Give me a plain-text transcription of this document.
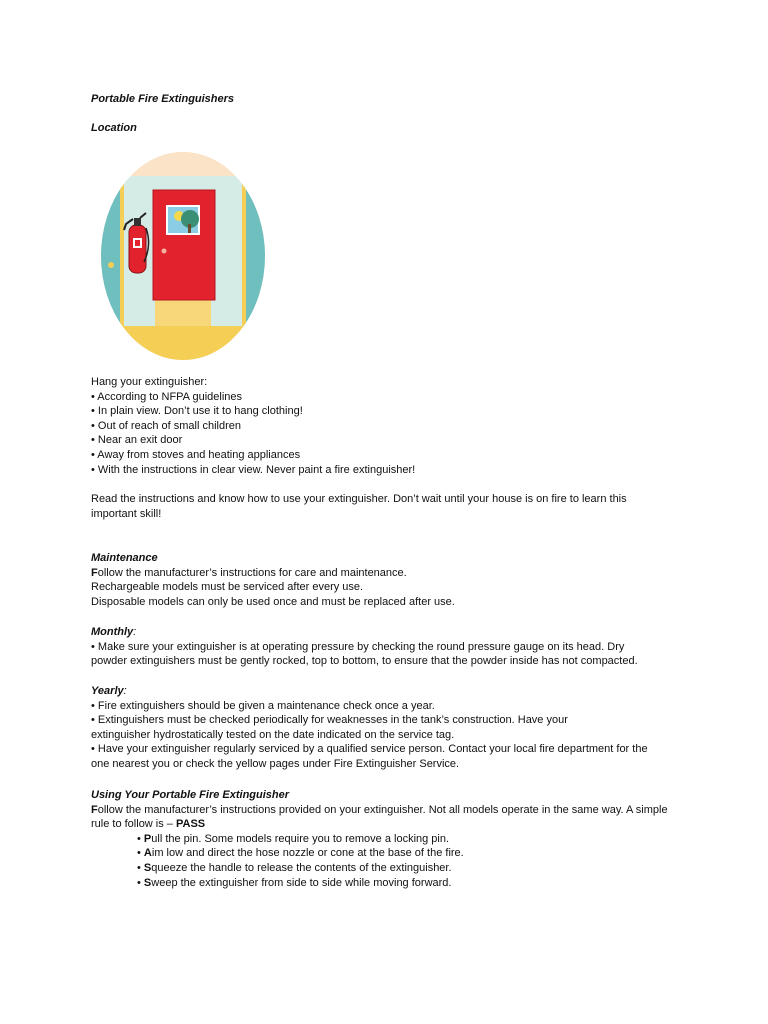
Portable Fire Extinguishers
Location
Hang your extinguisher:
• According to NFPA guidelines
• In plain view. Don’t use it to hang clothing!
• Out of reach of small children
• Near an exit door
• Away from stoves and heating appliances
• With the instructions in clear view. Never paint a fire extinguisher!
Read the instructions and know how to use your extinguisher. Don’t wait until your house is on fire to learn this important skill!
Maintenance
Follow the manufacturer’s instructions for care and maintenance.
Rechargeable models must be serviced after every use.
Disposable models can only be used once and must be replaced after use.
Monthly:
• Make sure your extinguisher is at operating pressure by checking the round pressure gauge on its head. Dry powder extinguishers must be gently rocked, top to bottom, to ensure that the powder inside has not compacted.
Yearly:
• Fire extinguishers should be given a maintenance check once a year.
• Extinguishers must be checked periodically for weaknesses in the tank’s construction. Have your extinguisher hydrostatically tested on the date indicated on the service tag.
• Have your extinguisher regularly serviced by a qualified service person. Contact your local fire department for the one nearest you or check the yellow pages under Fire Extinguisher Service.
Using Your Portable Fire Extinguisher
Follow the manufacturer’s instructions provided on your extinguisher. Not all models operate in the same way. A simple rule to follow is – PASS
• Pull the pin. Some models require you to remove a locking pin.
• Aim low and direct the hose nozzle or cone at the base of the fire.
• Squeeze the handle to release the contents of the extinguisher.
• Sweep the extinguisher from side to side while moving forward.
